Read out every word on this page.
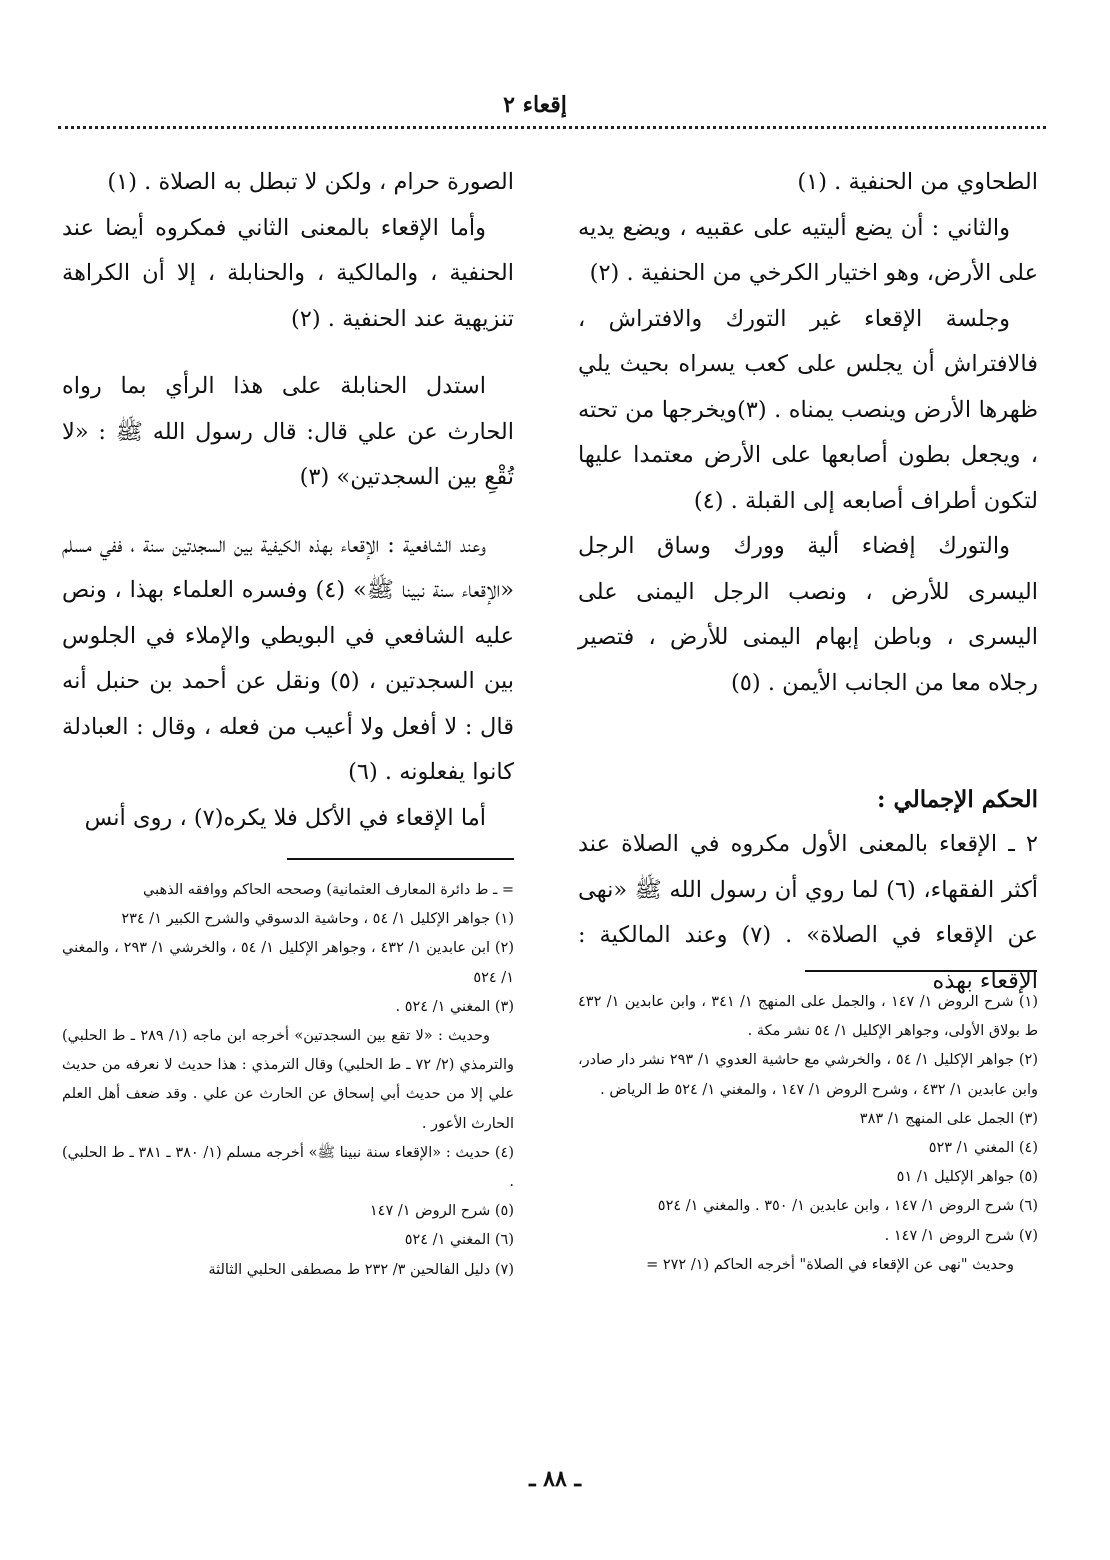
إقعاء ٢

الطحاوي من الحنفية . (١)

والثاني : أن يضع أليتيه على عقبيه ، ويضع يديه على الأرض، وهو اختيار الكرخي من الحنفية . (٢)

وجلسة الإقعاء غير التورك والافتراش ، فالافتراش أن يجلس على كعب يسراه بحيث يلي ظهرها الأرض وينصب يمناه . (٣)ويخرجها من تحته ، ويجعل بطون أصابعها على الأرض معتمدا عليها لتكون أطراف أصابعه إلى القبلة . (٤)

والتورك إفضاء ألية وورك وساق الرجل اليسرى للأرض ، ونصب الرجل اليمنى على اليسرى ، وباطن إبهام اليمنى للأرض ، فتصير رجلاه معا من الجانب الأيمن . (٥)

الحكم الإجمالي :

٢ ـ الإقعاء بالمعنى الأول مكروه في الصلاة عند أكثر الفقهاء، (٦) لما روي أن رسول الله ﷺ «نهى عن الإقعاء في الصلاة» . (٧) وعند المالكية : الإقعاء بهذه

الصورة حرام ، ولكن لا تبطل به الصلاة . (١)

وأما الإقعاء بالمعنى الثاني فمكروه أيضا عند الحنفية ، والمالكية ، والحنابلة ، إلا أن الكراهة تنزيهية عند الحنفية . (٢)

استدل الحنابلة على هذا الرأي بما رواه الحارث عن علي قال: قال رسول الله ﷺ : «لا تُقْعِ بين السجدتين» (٣)

وعند الشافعية : الإقعاء بهذه الكيفية بين السجدتين سنة ، ففي مسلم «الإقعاء سنة نبينا ﷺ» (٤) وفسره العلماء بهذا ، ونص عليه الشافعي في البويطي والإملاء في الجلوس بين السجدتين ، (٥) ونقل عن أحمد بن حنبل أنه قال : لا أفعل ولا أعيب من فعله ، وقال : العبادلة كانوا يفعلونه . (٦)

أما الإقعاء في الأكل فلا يكره(٧) ، روى أنس

(١) شرح الروض ١/ ١٤٧ ، والجمل على المنهج ١/ ٣٤١ ، وابن عابدين ١/ ٤٣٢ ط بولاق الأولى، وجواهر الإكليل ١/ ٥٤ نشر مكة .

(٢) جواهر الإكليل ١/ ٥٤ ، والخرشي مع حاشية العدوي ١/ ٢٩٣ نشر دار صادر، وابن عابدين ١/ ٤٣٢ ، وشرح الروض ١/ ١٤٧ ، والمغني ١/ ٥٢٤ ط الرياض .

(٣) الجمل على المنهج ١/ ٣٨٣

(٤) المغني ١/ ٥٢٣

(٥) جواهر الإكليل ١/ ٥١

(٦) شرح الروض ١/ ١٤٧ ، وابن عابدين ١/ ٣٥٠ . والمغني ١/ ٥٢٤

(٧) شرح الروض ١/ ١٤٧ .

وحديث "نهى عن الإقعاء في الصلاة" أخرجه الحاكم (١/ ٢٧٢ =

= ـ ط دائرة المعارف العثمانية) وصححه الحاكم ووافقه الذهبي

(١) جواهر الإكليل ١/ ٥٤ ، وحاشية الدسوقي والشرح الكبير ١/ ٢٣٤

(٢) ابن عابدين ١/ ٤٣٢ ، وجواهر الإكليل ١/ ٥٤ ، والخرشي ١/ ٢٩٣ ، والمغني ١/ ٥٢٤

(٣) المغني ١/ ٥٢٤ .

وحديث : «لا تقع بين السجدتين» أخرجه ابن ماجه (١/ ٢٨٩ ـ ط الحلبي) والترمذي (٢/ ٧٢ ـ ط الحلبي) وقال الترمذي : هذا حديث لا نعرفه من حديث علي إلا من حديث أبي إسحاق عن الحارث عن علي . وقد ضعف أهل العلم الحارث الأعور .

(٤) حديث : «الإقعاء سنة نبينا ﷺ» أخرجه مسلم (١/ ٣٨٠ ـ ٣٨١ ـ ط الحلبي) .

(٥) شرح الروض ١/ ١٤٧

(٦) المغني ١/ ٥٢٤

(٧) دليل الفالحين ٣/ ٢٣٢ ط مصطفى الحلبي الثالثة

ـ ٨٨ ـ
